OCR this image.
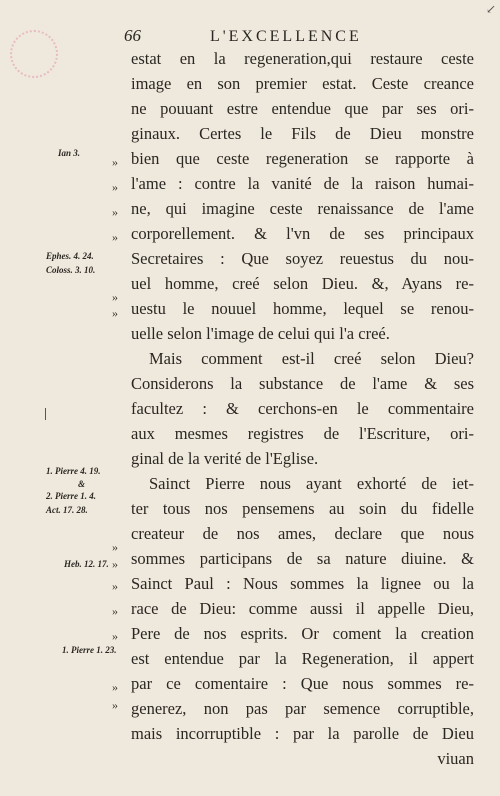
↙
66	L'EXCELLENCE
estat en la regeneration,qui restaure ceste
image en son premier estat. Ceste creance
ne pouuant estre entendue que par ses ori-
ginaux. Certes le Fils de Dieu monstre
bien que ceste regeneration se rapporte à
l'ame : contre la vanité de la raison humai-
ne, qui imagine ceste renaissance de l'ame
corporellement. & l'vn de ses principaux
Secretaires : Que soyez reuestus du nou-
uel homme, creé selon Dieu. &, Ayans re-
uestu le nouuel homme, lequel se renou-
uelle selon l'image de celui qui l'a creé.
Mais comment est-il creé selon Dieu?
Considerons la substance de l'ame & ses
facultez : & cerchons-en le commentaire
aux mesmes registres de l'Escriture, ori-
ginal de la verité de l'Eglise.
Sainct Pierre nous ayant exhorté de iet-
ter tous nos pensemens au soin du fidelle
createur de nos ames, declare que nous
sommes participans de sa nature diuine. &
Sainct Paul : Nous sommes la lignee ou la
race de Dieu: comme aussi il appelle Dieu,
Pere de nos esprits. Or coment la creation
est entendue par la Regeneration, il appert
par ce comentaire : Que nous sommes re-
generez, non pas par semence corruptible,
mais incorruptible : par la parolle de Dieu
viuan
»
»
»
»
»
»
»
»
»
»
»
»
»
Ian 3.
Ephes. 4. 24.
Coloss. 3. 10.
1. Pierre 4. 19.
&
2. Pierre 1. 4.
Act. 17. 28.
Heb. 12. 17.
1. Pierre 1. 23.
